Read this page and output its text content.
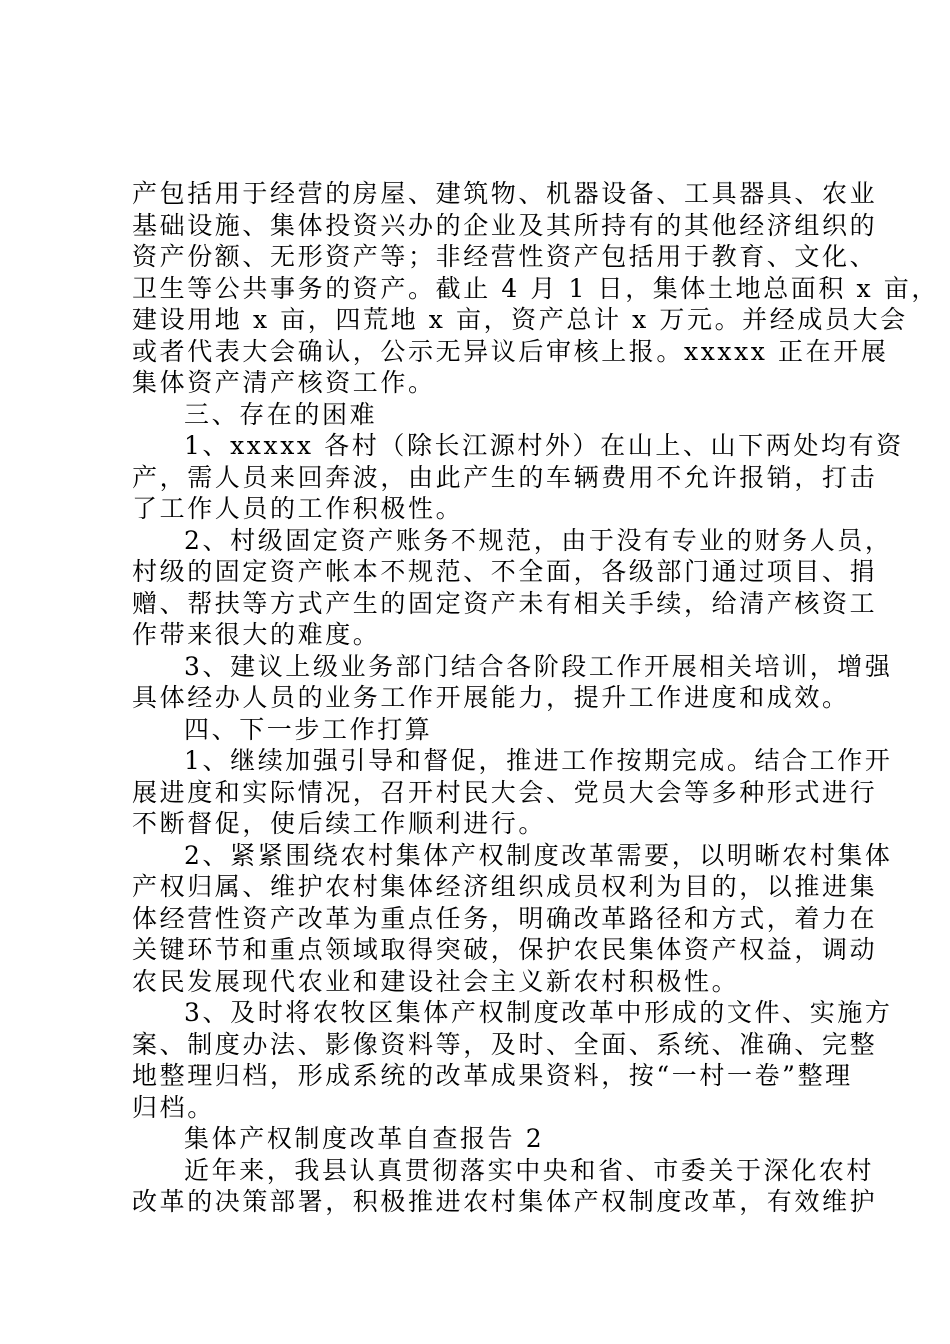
产包括用于经营的房屋、建筑物、机器设备、工具器具、农业
基础设施、集体投资兴办的企业及其所持有的其他经济组织的
资产份额、无形资产等；非经营性资产包括用于教育、文化、
卫生等公共事务的资产。截止 4 月 1 日，集体土地总面积 x 亩，
建设用地 x 亩，四荒地 x 亩，资产总计 x 万元。并经成员大会
或者代表大会确认，公示无异议后审核上报。xxxxx 正在开展
集体资产清产核资工作。
三、存在的困难
1、xxxxx 各村（除长江源村外）在山上、山下两处均有资
产，需人员来回奔波，由此产生的车辆费用不允许报销，打击
了工作人员的工作积极性。
2、村级固定资产账务不规范，由于没有专业的财务人员，
村级的固定资产帐本不规范、不全面，各级部门通过项目、捐
赠、帮扶等方式产生的固定资产未有相关手续，给清产核资工
作带来很大的难度。
3、建议上级业务部门结合各阶段工作开展相关培训，增强
具体经办人员的业务工作开展能力，提升工作进度和成效。
四、下一步工作打算
1、继续加强引导和督促，推进工作按期完成。结合工作开
展进度和实际情况，召开村民大会、党员大会等多种形式进行
不断督促，使后续工作顺利进行。
2、紧紧围绕农村集体产权制度改革需要，以明晰农村集体
产权归属、维护农村集体经济组织成员权利为目的，以推进集
体经营性资产改革为重点任务，明确改革路径和方式，着力在
关键环节和重点领域取得突破，保护农民集体资产权益，调动
农民发展现代农业和建设社会主义新农村积极性。
3、及时将农牧区集体产权制度改革中形成的文件、实施方
案、制度办法、影像资料等，及时、全面、系统、准确、完整
地整理归档，形成系统的改革成果资料，按“一村一卷”整理
归档。
集体产权制度改革自查报告 2
近年来，我县认真贯彻落实中央和省、市委关于深化农村
改革的决策部署，积极推进农村集体产权制度改革，有效维护
